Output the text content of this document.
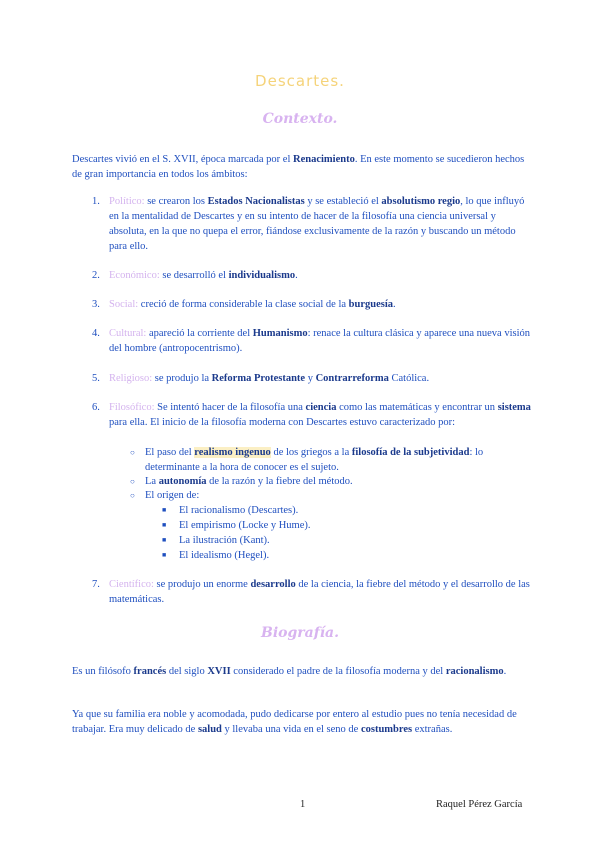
Descartes.
Contexto.
Descartes vivió en el S. XVII, época marcada por el Renacimiento. En este momento se sucedieron hechos de gran importancia en todos los ámbitos:
1. Político: se crearon los Estados Nacionalistas y se estableció el absolutismo regio, lo que influyó en la mentalidad de Descartes y en su intento de hacer de la filosofía una ciencia universal y absoluta, en la que no quepa el error, fiándose exclusivamente de la razón y buscando un método para ello.
2. Económico: se desarrolló el individualismo.
3. Social: creció de forma considerable la clase social de la burguesía.
4. Cultural: apareció la corriente del Humanismo: renace la cultura clásica y aparece una nueva visión del hombre (antropocentrismo).
5. Religioso: se produjo la Reforma Protestante y Contrarreforma Católica.
6. Filosófico: Se intentó hacer de la filosofía una ciencia como las matemáticas y encontrar un sistema para ella. El inicio de la filosofía moderna con Descartes estuvo caracterizado por:
○ El paso del realismo ingenuo de los griegos a la filosofía de la subjetividad: lo determinante a la hora de conocer es el sujeto.
○ La autonomía de la razón y la fiebre del método.
○ El origen de:
■ El racionalismo (Descartes).
■ El empirismo (Locke y Hume).
■ La ilustración (Kant).
■ El idealismo (Hegel).
7. Científico: se produjo un enorme desarrollo de la ciencia, la fiebre del método y el desarrollo de las matemáticas.
Biografía.
Es un filósofo francés del siglo XVII considerado el padre de la filosofía moderna y del racionalismo.
Ya que su familia era noble y acomodada, pudo dedicarse por entero al estudio pues no tenía necesidad de trabajar. Era muy delicado de salud y llevaba una vida en el seno de costumbres extrañas.
1	Raquel Pérez García
